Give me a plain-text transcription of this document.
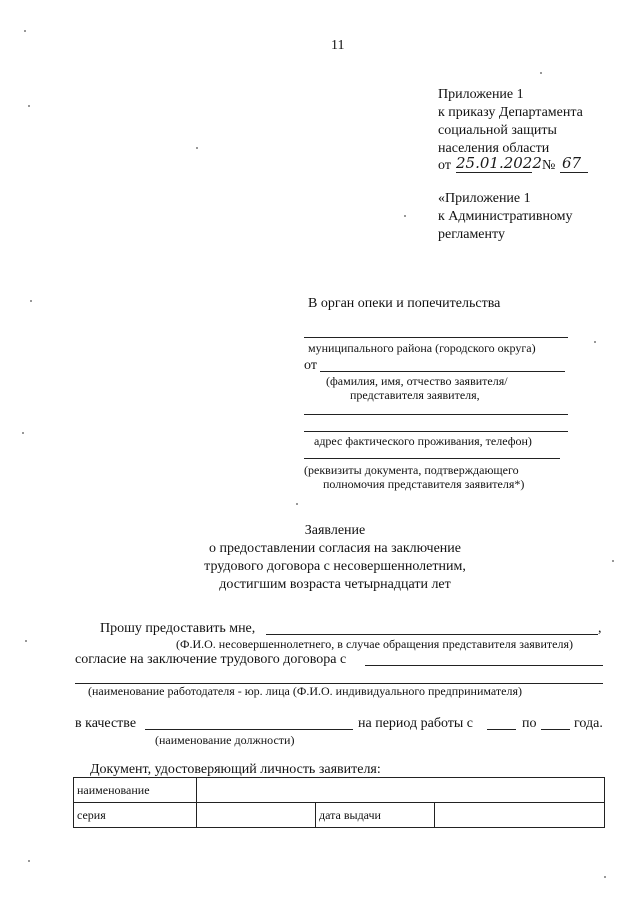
11
Приложение 1
к приказу Департамента
социальной защиты
населения области
от 25.01.2022 № 67
«Приложение 1
к Административному
регламенту
В орган опеки и попечительства
муниципального района (городского округа)
от
(фамилия, имя, отчество заявителя/
представителя заявителя,
адрес фактического проживания, телефон)
(реквизиты документа, подтверждающего
полномочия представителя заявителя*)
Заявление
о предоставлении согласия на заключение
трудового договора с несовершеннолетним,
достигшим возраста четырнадцати лет
Прошу предоставить мне,	,
(Ф.И.О. несовершеннолетнего, в случае обращения представителя заявителя)
согласие на заключение трудового договора с
(наименование работодателя - юр. лица (Ф.И.О. индивидуального предпринимателя)
в качестве	на период работы с	по	года.
(наименование должности)
Документ, удостоверяющий личность заявителя:
наименование			
серия		дата выдачи	
